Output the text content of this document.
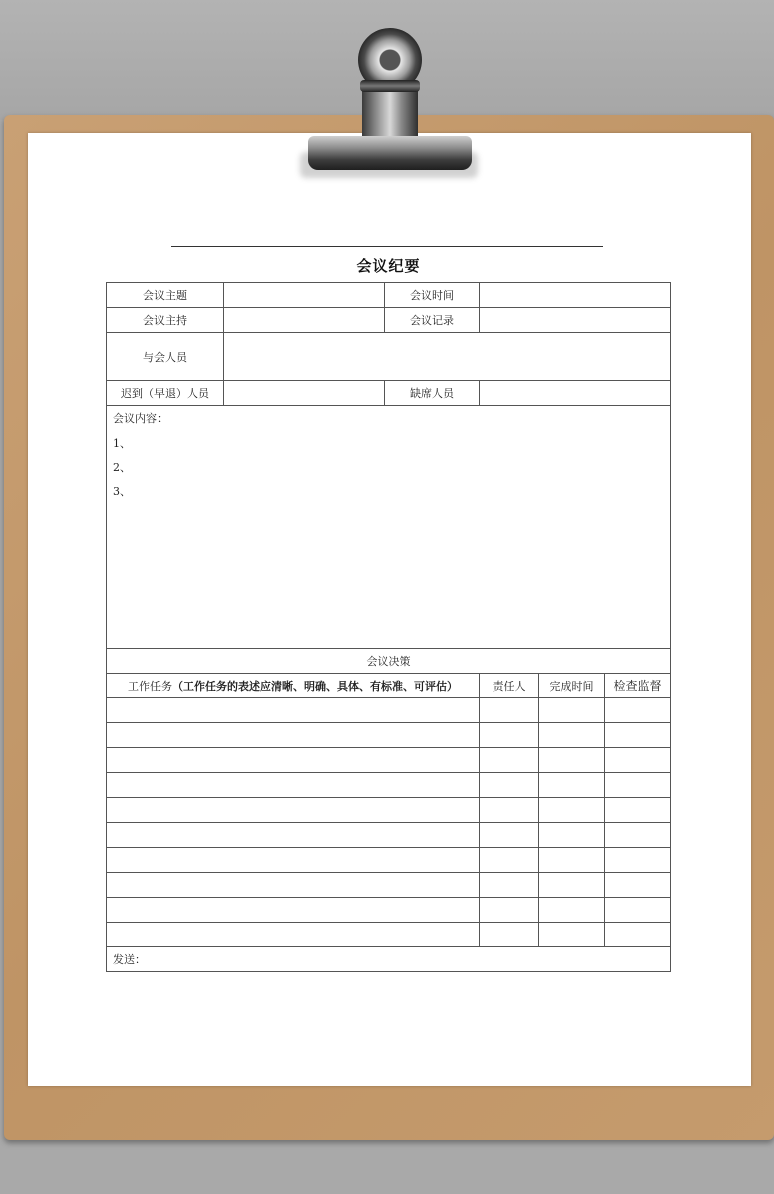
会议纪要
会议主题		会议时间			
会议主持		会议记录			
与会人员					
迟到（早退）人员		缺席人员			

会议内容：
1、
2、
3、					

会议决策					
工作任务（工作任务的表述应清晰、明确、具体、有标准、可评估）			责任人	完成时间	检查监督

发送：					
